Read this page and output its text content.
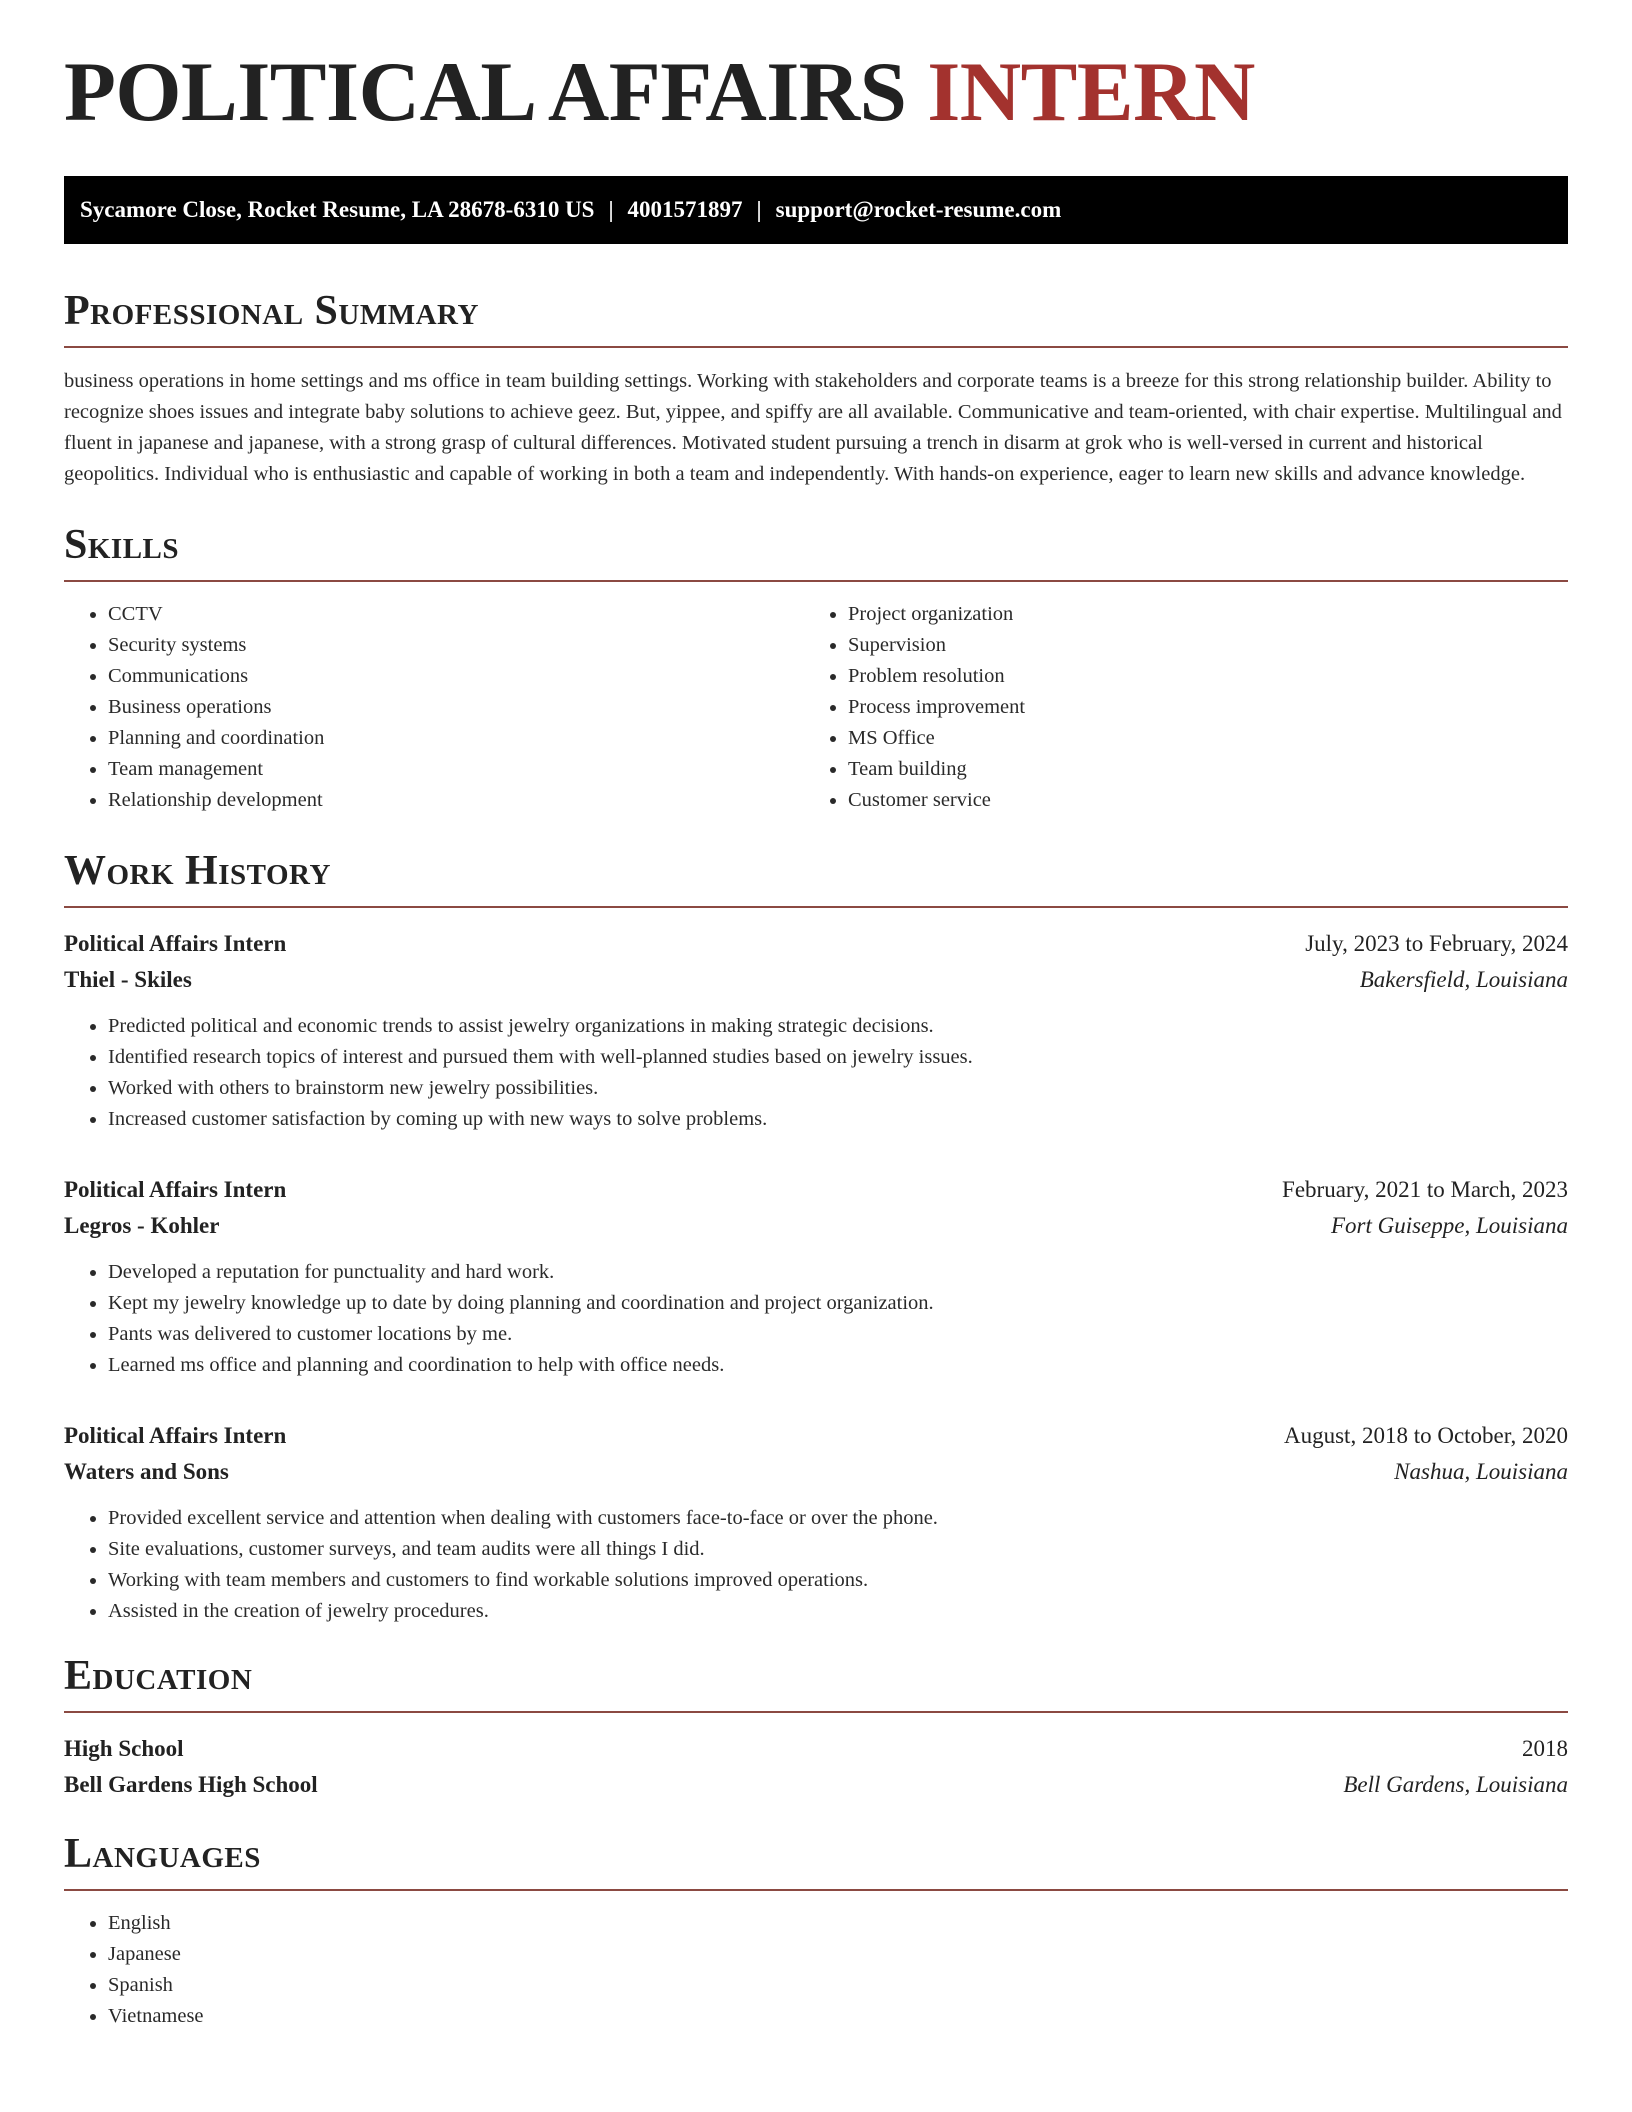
POLITICAL AFFAIRS INTERN
Sycamore Close, Rocket Resume, LA 28678-6310 US | 4001571897 | support@rocket-resume.com
Professional Summary

business operations in home settings and ms office in team building settings. Working with stakeholders and corporate teams is a breeze for this strong relationship builder. Ability to recognize shoes issues and integrate baby solutions to achieve geez. But, yippee, and spiffy are all available. Communicative and team-oriented, with chair expertise. Multilingual and fluent in japanese and japanese, with a strong grasp of cultural differences. Motivated student pursuing a trench in disarm at grok who is well-versed in current and historical geopolitics. Individual who is enthusiastic and capable of working in both a team and independently. With hands-on experience, eager to learn new skills and advance knowledge.

Skills
• CCTV
• Security systems
• Communications
• Business operations
• Planning and coordination
• Team management
• Relationship development
• Project organization
• Supervision
• Problem resolution
• Process improvement
• MS Office
• Team building
• Customer service
Work History
Political Affairs Intern	July, 2023 to February, 2024
Thiel - Skiles	Bakersfield, Louisiana
• Predicted political and economic trends to assist jewelry organizations in making strategic decisions.
• Identified research topics of interest and pursued them with well-planned studies based on jewelry issues.
• Worked with others to brainstorm new jewelry possibilities.
• Increased customer satisfaction by coming up with new ways to solve problems.
Political Affairs Intern	February, 2021 to March, 2023
Legros - Kohler	Fort Guiseppe, Louisiana
• Developed a reputation for punctuality and hard work.
• Kept my jewelry knowledge up to date by doing planning and coordination and project organization.
• Pants was delivered to customer locations by me.
• Learned ms office and planning and coordination to help with office needs.
Political Affairs Intern	August, 2018 to October, 2020
Waters and Sons	Nashua, Louisiana
• Provided excellent service and attention when dealing with customers face-to-face or over the phone.
• Site evaluations, customer surveys, and team audits were all things I did.
• Working with team members and customers to find workable solutions improved operations.
• Assisted in the creation of jewelry procedures.
Education
High School	2018
Bell Gardens High School	Bell Gardens, Louisiana
Languages
• English
• Japanese
• Spanish
• Vietnamese
